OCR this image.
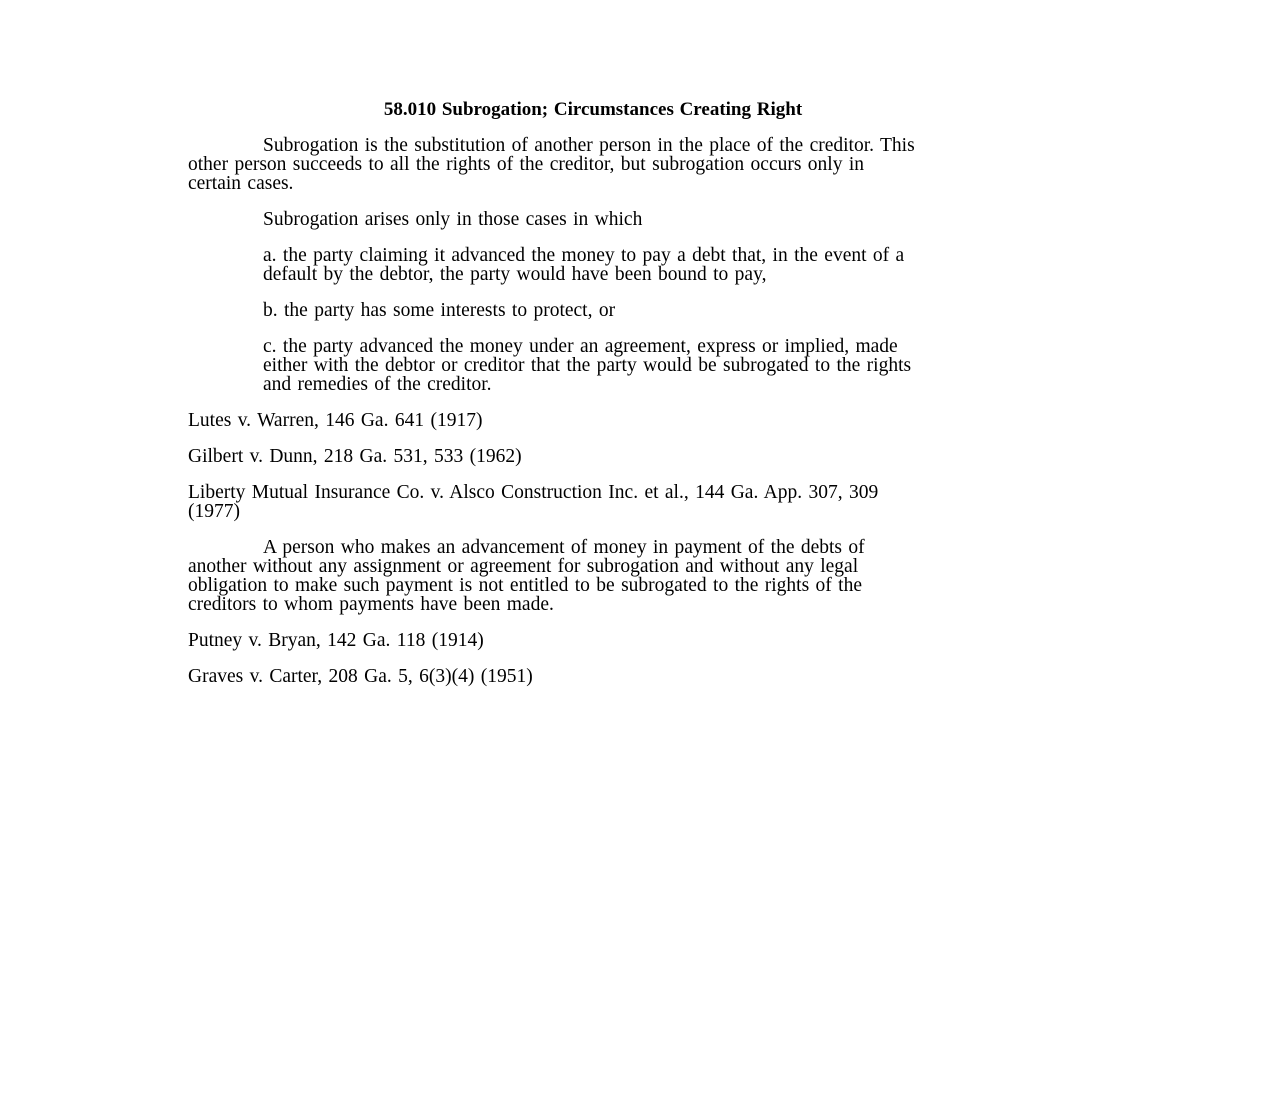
58.010 Subrogation; Circumstances Creating Right
Subrogation is the substitution of another person in the place of the creditor. This
other person succeeds to all the rights of the creditor, but subrogation occurs only in
certain cases.
Subrogation arises only in those cases in which
a. the party claiming it advanced the money to pay a debt that, in the event of a
default by the debtor, the party would have been bound to pay,
b. the party has some interests to protect, or
c. the party advanced the money under an agreement, express or implied, made
either with the debtor or creditor that the party would be subrogated to the rights
and remedies of the creditor.
Lutes v. Warren, 146 Ga. 641 (1917)
Gilbert v. Dunn, 218 Ga. 531, 533 (1962)
Liberty Mutual Insurance Co. v. Alsco Construction Inc. et al., 144 Ga. App. 307, 309
(1977)
A person who makes an advancement of money in payment of the debts of
another without any assignment or agreement for subrogation and without any legal
obligation to make such payment is not entitled to be subrogated to the rights of the
creditors to whom payments have been made.
Putney v. Bryan, 142 Ga. 118 (1914)
Graves v. Carter, 208 Ga. 5, 6(3)(4) (1951)
